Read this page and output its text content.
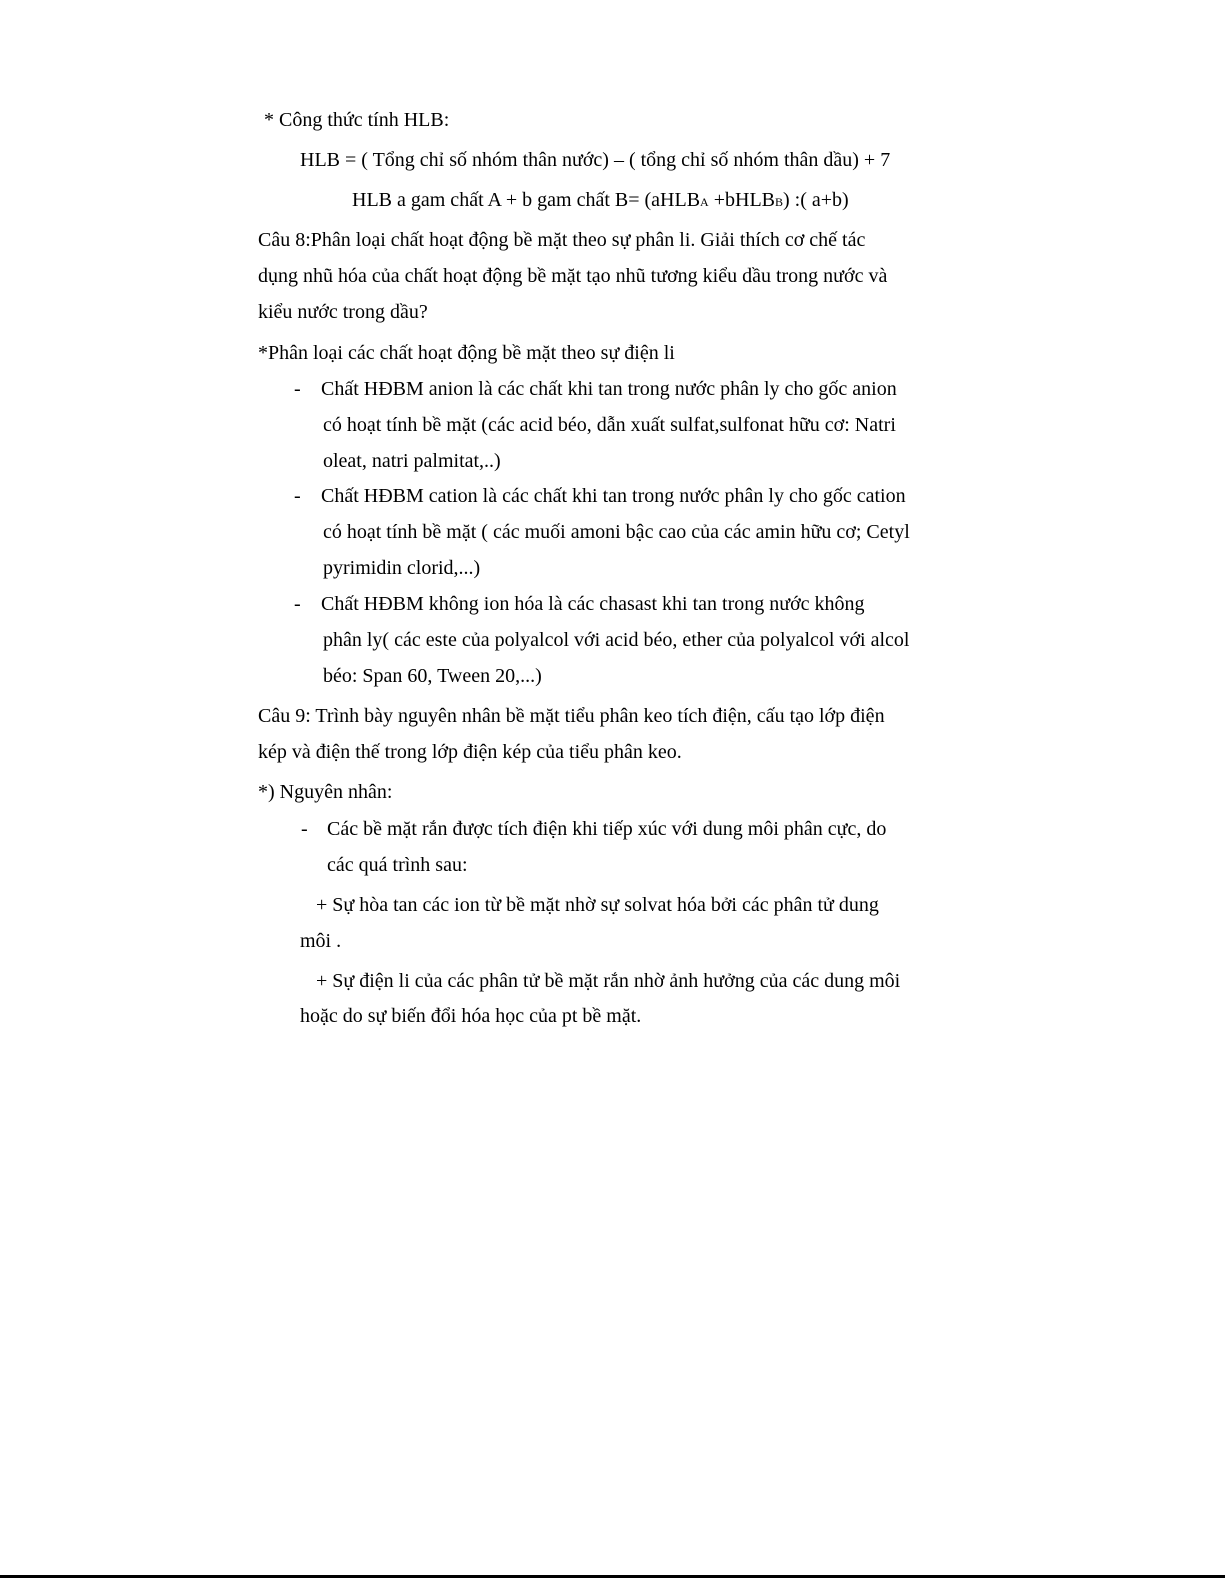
* Công thức tính HLB:
HLB = ( Tổng chỉ số nhóm thân nước) – ( tổng chỉ số nhóm thân dầu) + 7
HLB a gam chất A + b gam chất B= (aHLBA +bHLBB) :( a+b)
Câu 8:Phân loại chất hoạt động bề mặt theo sự phân li. Giải thích cơ chế tác
dụng nhũ hóa của chất hoạt động bề mặt tạo nhũ tương kiểu dầu trong nước và
kiểu nước trong dầu?
*Phân loại các chất hoạt động bề mặt theo sự điện li
- Chất HĐBM anion là các chất khi tan trong nước phân ly cho gốc anion
có hoạt tính bề mặt (các acid béo, dẫn xuất sulfat,sulfonat hữu cơ: Natri
oleat, natri palmitat,..)
- Chất HĐBM cation là các chất khi tan trong nước phân ly cho gốc cation
có hoạt tính bề mặt ( các muối amoni bậc cao của các amin hữu cơ; Cetyl
pyrimidin clorid,...)
- Chất HĐBM không ion hóa là các chasast khi tan trong nước không
phân ly( các este của polyalcol với acid béo, ether của polyalcol với alcol
béo: Span 60, Tween 20,...)
Câu 9: Trình bày nguyên nhân bề mặt tiểu phân keo tích điện, cấu tạo lớp điện
kép và điện thế trong lớp điện kép của tiểu phân keo.
*) Nguyên nhân:
- Các bề mặt rắn được tích điện khi tiếp xúc với dung môi phân cực, do
các quá trình sau:
+ Sự hòa tan các ion từ bề mặt nhờ sự solvat hóa bởi các phân tử dung
môi .
+ Sự điện li của các phân tử bề mặt rắn nhờ ảnh hưởng của các dung môi
hoặc do sự biến đổi hóa học của pt bề mặt.
